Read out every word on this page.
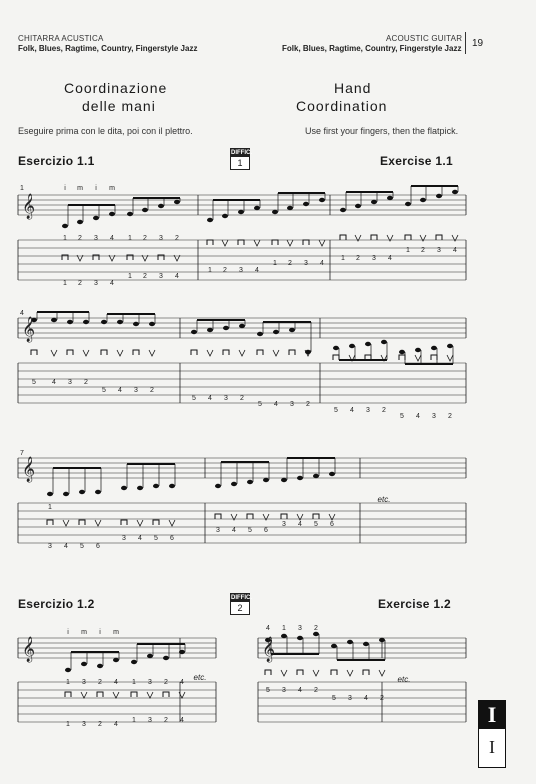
CHITARRA ACUSTICA
Folk, Blues, Ragtime, Country, Fingerstyle Jazz
ACOUSTIC GUITAR
Folk, Blues, Ragtime, Country, Fingerstyle Jazz 19
Coordinazione
delle mani
Hand
Coordination
Eseguire prima con le dita, poi con il plettro.	Use first your fingers, then the flatpick.
Esercizio 1.1	Exercise 1.1
DIFFIC.
1
Esercizio 1.2	Exercise 1.2
DIFFIC.
2
𝄞
1	i m i m
1 2 3 4 1 2 3 2
1 2 3 4
1 2 3 4
1 2 3 4
1 2 3 4
1 2 3 4
1 2 3 4
𝄞
4
5 4 3 2
5 4 3 2
5 4 3 2
5 4 3 2
5 4 3 2
5 4 3 2
𝄞
7
1
3 4 5 6
3 4 5 6
3 4 5 6
3 4 5 6
etc.
𝄞	𝄞
i m i m
1 3 2 4 1 3 2 4
1 3 2 4
1 3 2 4
etc.
4 1 3 2
5 3 4 2
5 3 4 2
etc.
I
I
